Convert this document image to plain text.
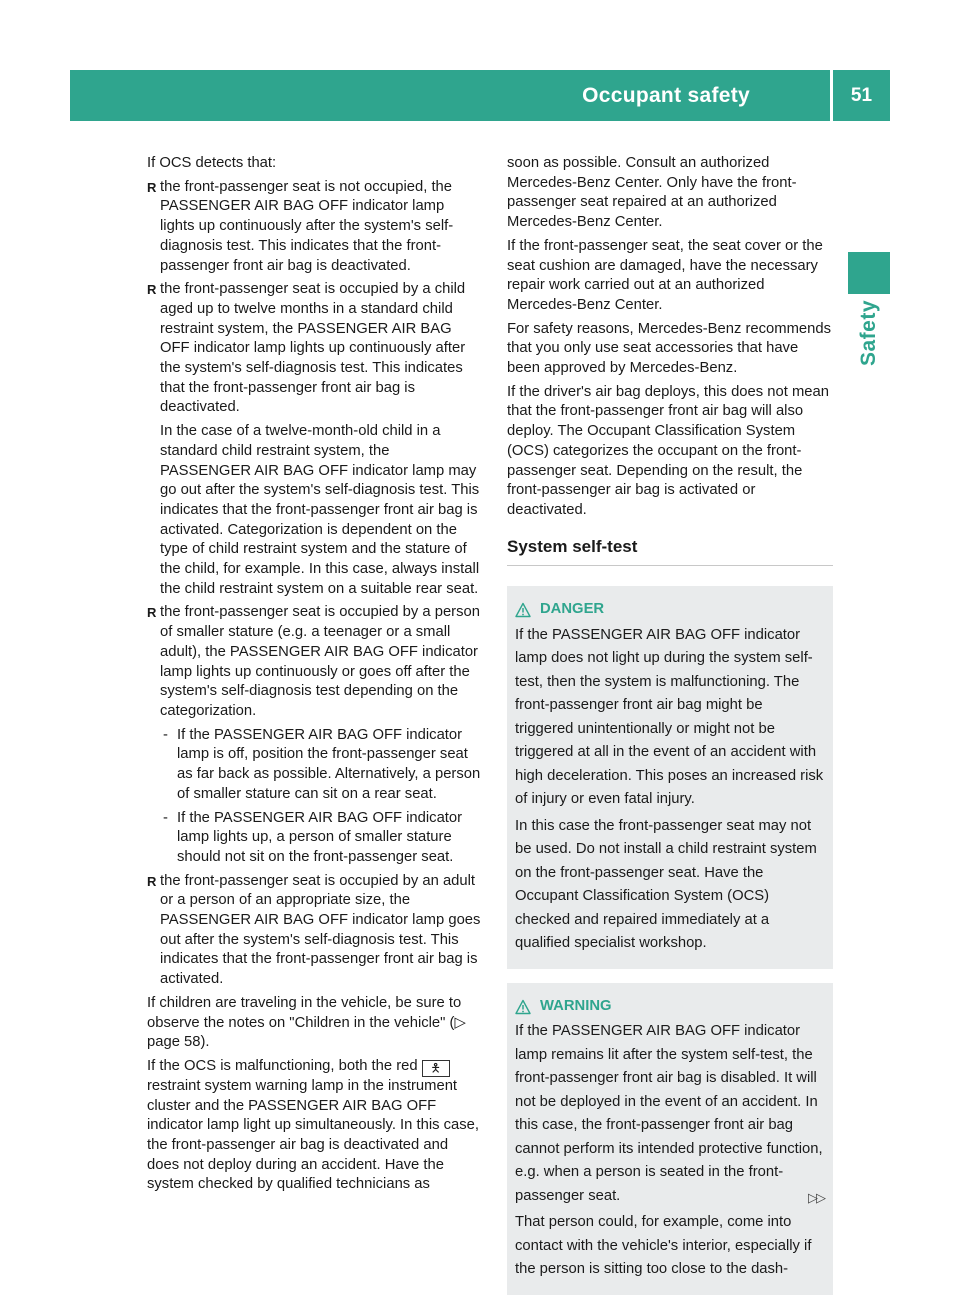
Occupant safety	51
Safety

If OCS detects that:

R the front-passenger seat is not occupied, the PASSENGER AIR BAG OFF indicator lamp lights up continuously after the system's self-diagnosis test. This indicates that the front-passenger front air bag is deactivated.

R the front-passenger seat is occupied by a child aged up to twelve months in a standard child restraint system, the PASSENGER AIR BAG OFF indicator lamp lights up continuously after the system's self-diagnosis test. This indicates that the front-passenger front air bag is deactivated.

In the case of a twelve-month-old child in a standard child restraint system, the PASSENGER AIR BAG OFF indicator lamp may go out after the system's self-diagnosis test. This indicates that the front-passenger front air bag is activated. Categorization is dependent on the type of child restraint system and the stature of the child, for example. In this case, always install the child restraint system on a suitable rear seat.

R the front-passenger seat is occupied by a person of smaller stature (e.g. a teenager or a small adult), the PASSENGER AIR BAG OFF indicator lamp lights up continuously or goes off after the system's self-diagnosis test depending on the categorization.

- If the PASSENGER AIR BAG OFF indicator lamp is off, position the front-passenger seat as far back as possible. Alternatively, a person of smaller stature can sit on a rear seat.
- If the PASSENGER AIR BAG OFF indicator lamp lights up, a person of smaller stature should not sit on the front-passenger seat.

R the front-passenger seat is occupied by an adult or a person of an appropriate size, the PASSENGER AIR BAG OFF indicator lamp goes out after the system's self-diagnosis test. This indicates that the front-passenger front air bag is activated.

If children are traveling in the vehicle, be sure to observe the notes on "Children in the vehicle" (▷ page 58).

If the OCS is malfunctioning, both the red 🯅 restraint system warning lamp in the instrument cluster and the PASSENGER AIR BAG OFF indicator lamp light up simultaneously. In this case, the front-passenger air bag is deactivated and does not deploy during an accident. Have the system checked by qualified technicians as

soon as possible. Consult an authorized Mercedes-Benz Center. Only have the front-passenger seat repaired at an authorized Mercedes-Benz Center.

If the front-passenger seat, the seat cover or the seat cushion are damaged, have the necessary repair work carried out at an authorized Mercedes-Benz Center.

For safety reasons, Mercedes-Benz recommends that you only use seat accessories that have been approved by Mercedes-Benz.

If the driver's air bag deploys, this does not mean that the front-passenger front air bag will also deploy. The Occupant Classification System (OCS) categorizes the occupant on the front-passenger seat. Depending on the result, the front-passenger air bag is activated or deactivated.

System self-test
DANGER

If the PASSENGER AIR BAG OFF indicator lamp does not light up during the system self-test, then the system is malfunctioning. The front-passenger front air bag might be triggered unintentionally or might not be triggered at all in the event of an accident with high deceleration. This poses an increased risk of injury or even fatal injury.

In this case the front-passenger seat may not be used. Do not install a child restraint system on the front-passenger seat. Have the Occupant Classification System (OCS) checked and repaired immediately at a qualified specialist workshop.

WARNING

If the PASSENGER AIR BAG OFF indicator lamp remains lit after the system self-test, the front-passenger front air bag is disabled. It will not be deployed in the event of an accident. In this case, the front-passenger front air bag cannot perform its intended protective function, e.g. when a person is seated in the front-passenger seat.

That person could, for example, come into contact with the vehicle's interior, especially if the person is sitting too close to the dash-

▷▷
